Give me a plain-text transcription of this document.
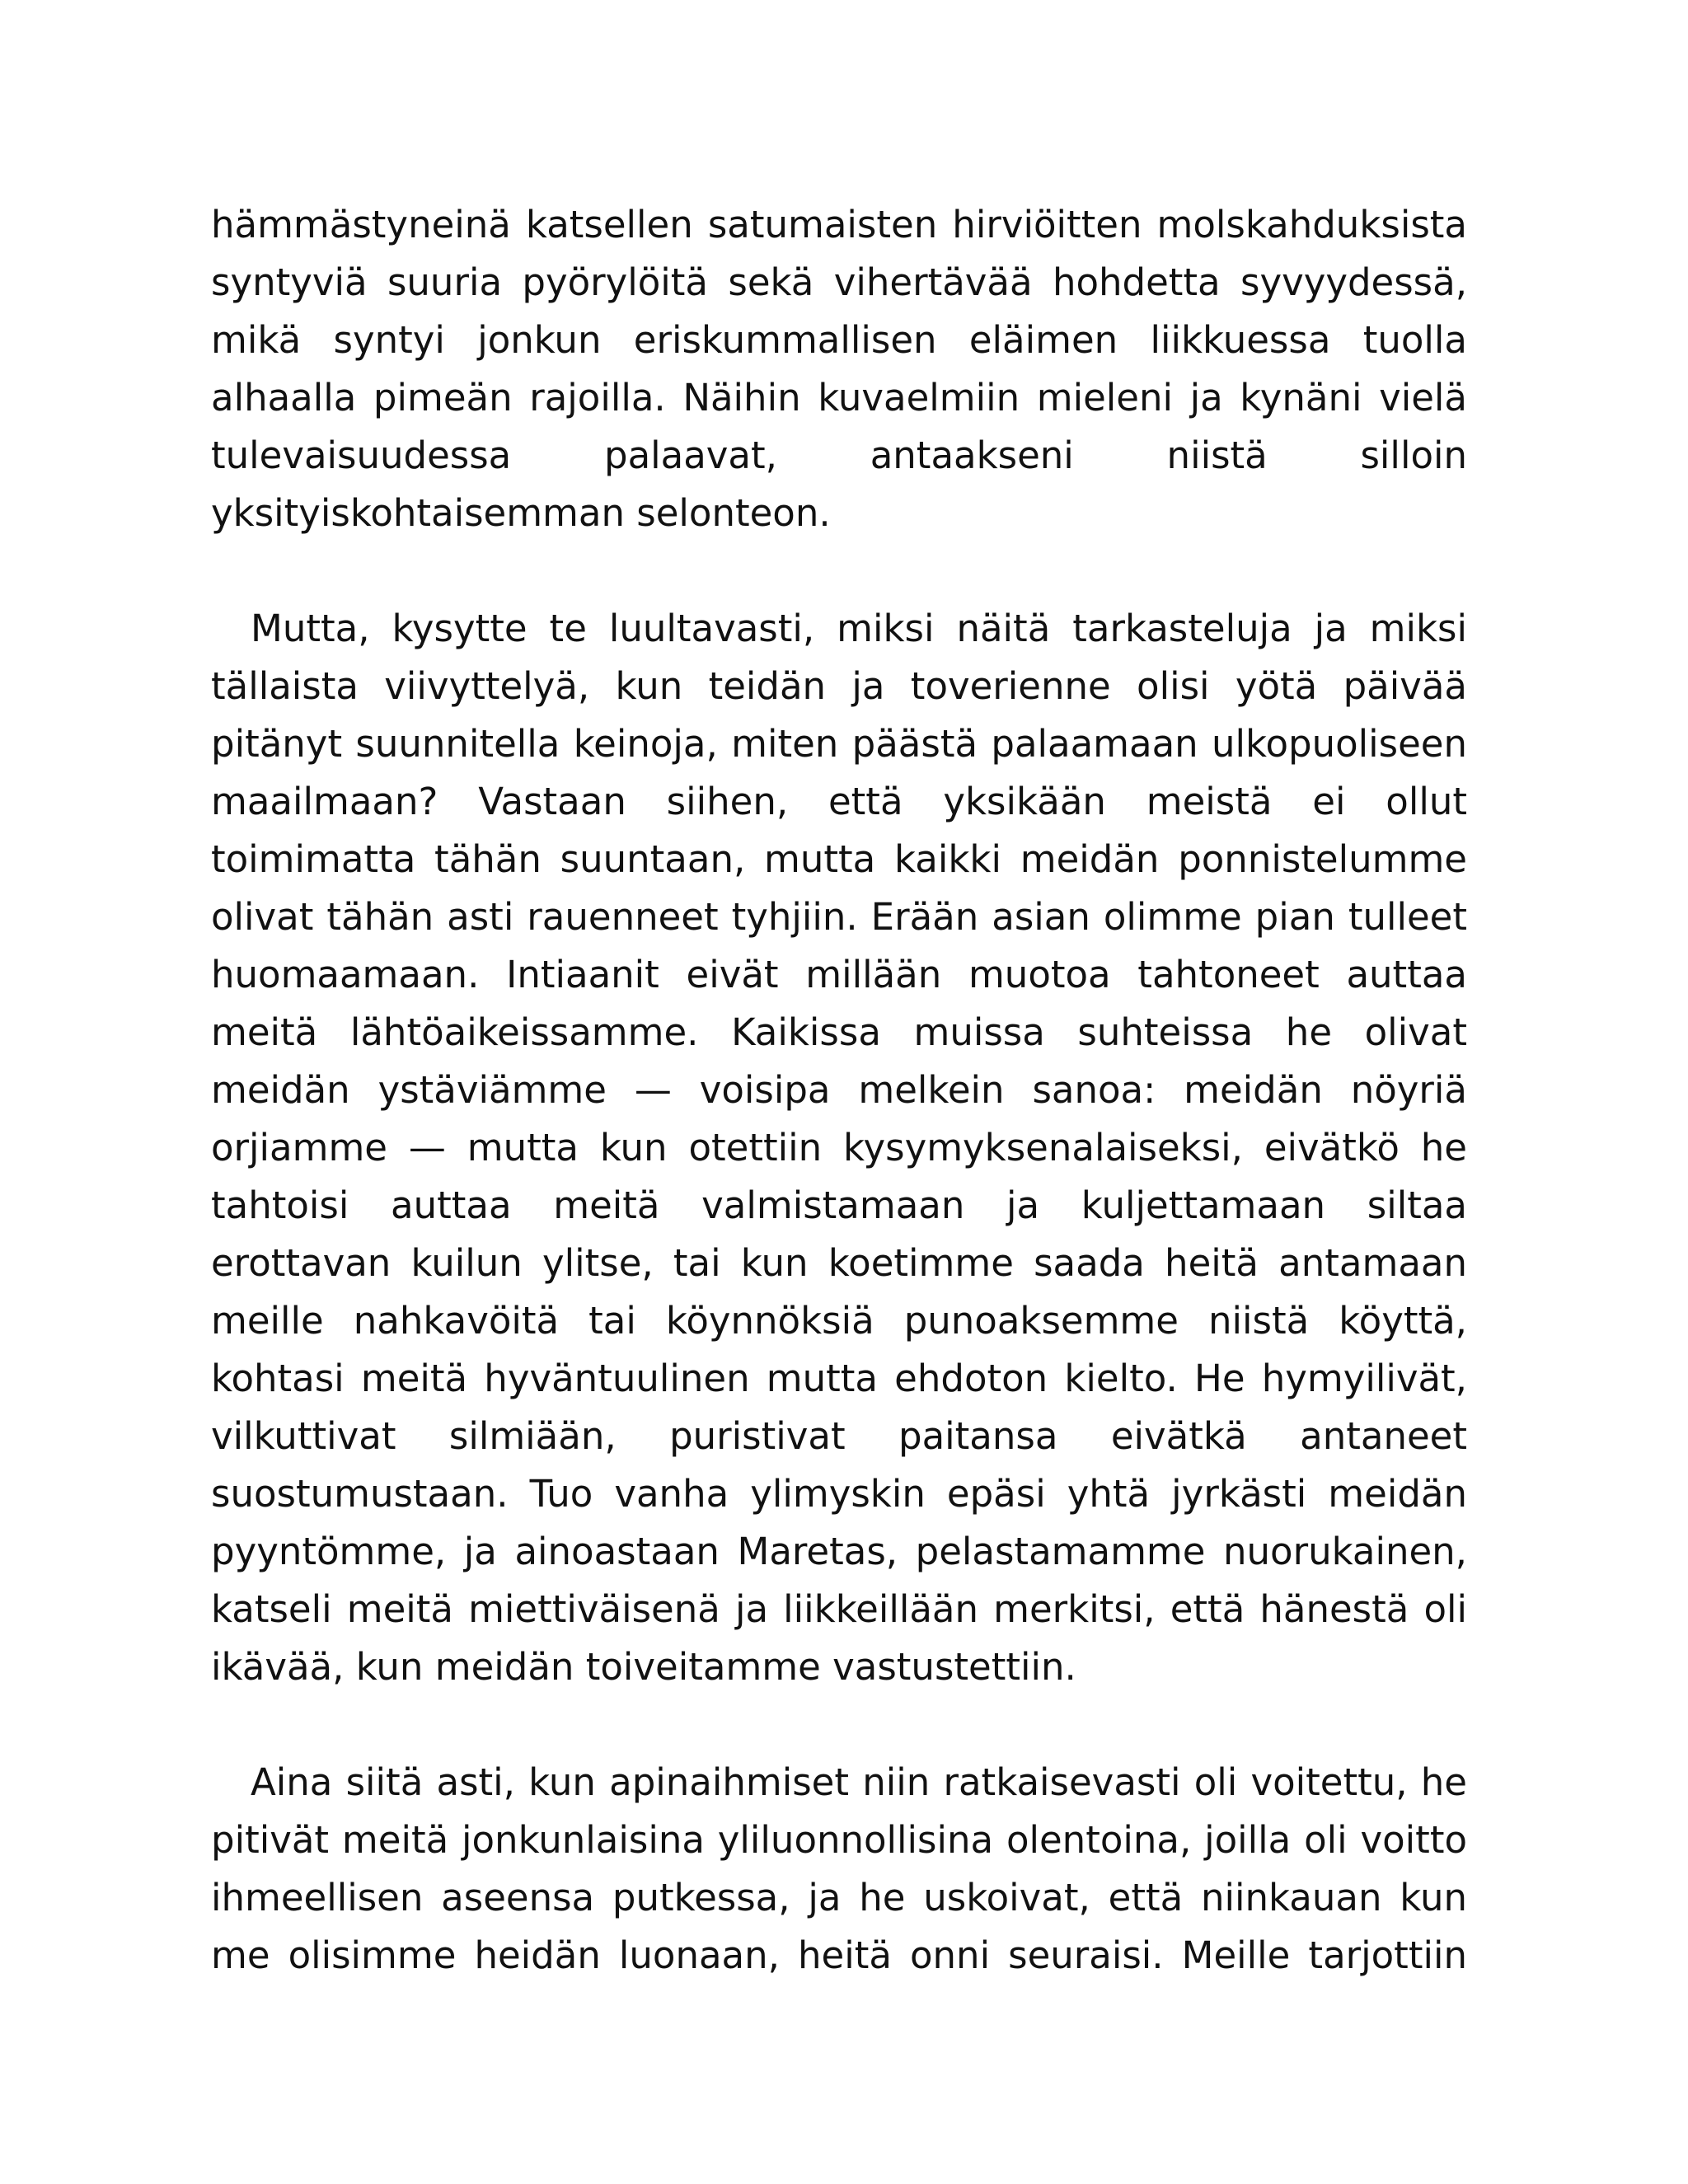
hämmästyneinä katsellen satumaisten hirviöitten molskahduksista syntyviä suuria pyörylöitä sekä vihertävää hohdetta syvyydessä, mikä syntyi jonkun eriskummallisen eläimen liikkuessa tuolla alhaalla pimeän rajoilla. Näihin kuvaelmiin mieleni ja kynäni vielä tulevaisuudessa palaavat, antaakseni niistä silloin yksityiskohtaisemman selonteon.

Mutta, kysytte te luultavasti, miksi näitä tarkasteluja ja miksi tällaista viivyttelyä, kun teidän ja toverienne olisi yötä päivää pitänyt suunnitella keinoja, miten päästä palaamaan ulkopuoliseen maailmaan? Vastaan siihen, että yksikään meistä ei ollut toimimatta tähän suuntaan, mutta kaikki meidän ponnistelumme olivat tähän asti rauenneet tyhjiin. Erään asian olimme pian tulleet huomaamaan. Intiaanit eivät millään muotoa tahtoneet auttaa meitä lähtöaikeissamme. Kaikissa muissa suhteissa he olivat meidän ystäviämme — voisipa melkein sanoa: meidän nöyriä orjiamme — mutta kun otettiin kysymyksenalaiseksi, eivätkö he tahtoisi auttaa meitä valmistamaan ja kuljettamaan siltaa erottavan kuilun ylitse, tai kun koetimme saada heitä antamaan meille nahkavöitä tai köynnöksiä punoaksemme niistä köyttä, kohtasi meitä hyväntuulinen mutta ehdoton kielto. He hymyilivät, vilkuttivat silmiään, puristivat paitansa eivätkä antaneet suostumustaan. Tuo vanha ylimyskin epäsi yhtä jyrkästi meidän pyyntömme, ja ainoastaan Maretas, pelastamamme nuorukainen, katseli meitä miettiväisenä ja liikkeillään merkitsi, että hänestä oli ikävää, kun meidän toiveitamme vastustettiin.

Aina siitä asti, kun apinaihmiset niin ratkaisevasti oli voitettu, he pitivät meitä jonkunlaisina yliluonnollisina olentoina, joilla oli voitto ihmeellisen aseensa putkessa, ja he uskoivat, että niinkauan kun me olisimme heidän luonaan, heitä onni seuraisi. Meille tarjottiin
